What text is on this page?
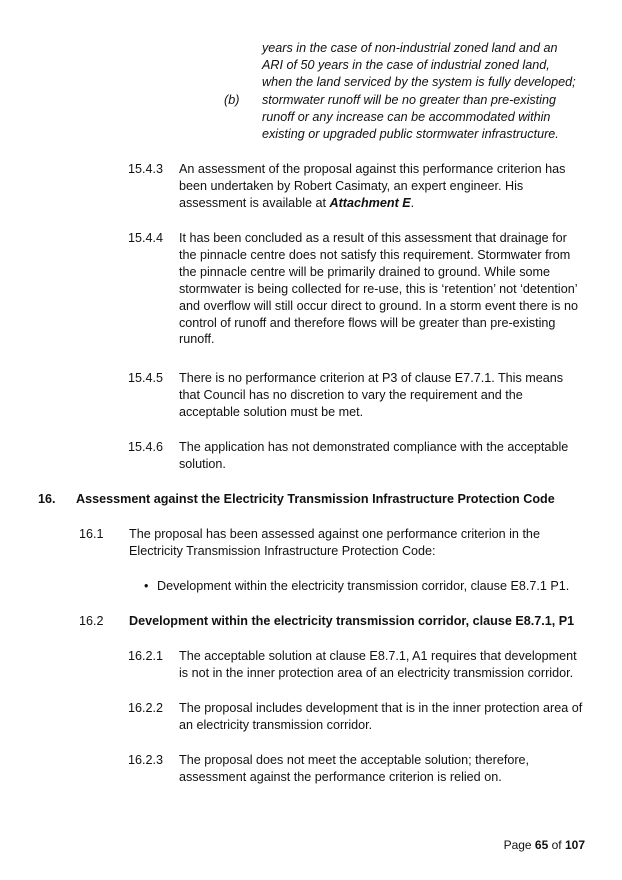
years in the case of non-industrial zoned land and an
ARI of 50 years in the case of industrial zoned land,
when the land serviced by the system is fully developed;
(b) stormwater runoff will be no greater than pre-existing
runoff or any increase can be accommodated within
existing or upgraded public stormwater infrastructure.
15.4.3 An assessment of the proposal against this performance criterion has
been undertaken by Robert Casimaty, an expert engineer. His
assessment is available at Attachment E.
15.4.4 It has been concluded as a result of this assessment that drainage for
the pinnacle centre does not satisfy this requirement. Stormwater from
the pinnacle centre will be primarily drained to ground. While some
stormwater is being collected for re-use, this is ‘retention’ not ‘detention’
and overflow will still occur direct to ground. In a storm event there is no
control of runoff and therefore flows will be greater than pre-existing
runoff.
15.4.5 There is no performance criterion at P3 of clause E7.7.1. This means
that Council has no discretion to vary the requirement and the
acceptable solution must be met.
15.4.6 The application has not demonstrated compliance with the acceptable
solution.
16. Assessment against the Electricity Transmission Infrastructure Protection Code
16.1 The proposal has been assessed against one performance criterion in the
Electricity Transmission Infrastructure Protection Code:
• Development within the electricity transmission corridor, clause E8.7.1 P1.
16.2 Development within the electricity transmission corridor, clause E8.7.1, P1
16.2.1 The acceptable solution at clause E8.7.1, A1 requires that development
is not in the inner protection area of an electricity transmission corridor.
16.2.2 The proposal includes development that is in the inner protection area of
an electricity transmission corridor.
16.2.3 The proposal does not meet the acceptable solution; therefore,
assessment against the performance criterion is relied on.
Page 65 of 107
